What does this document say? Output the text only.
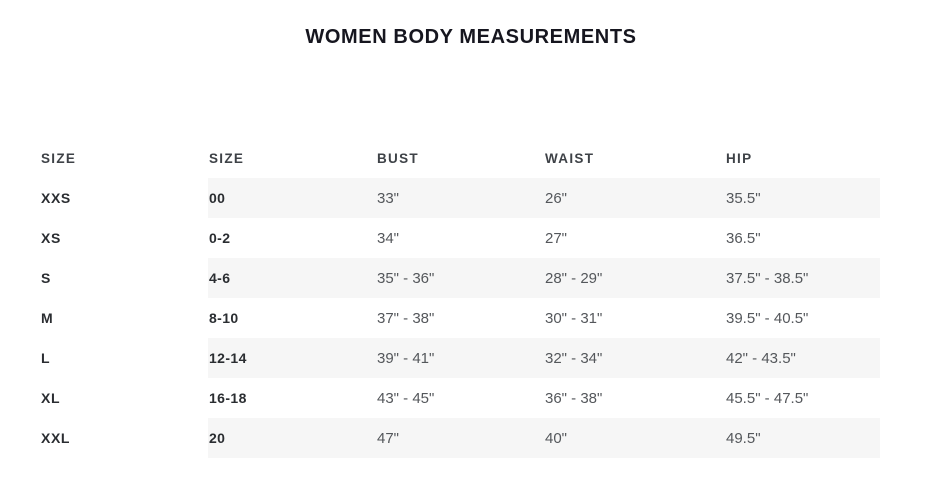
WOMEN BODY MEASUREMENTS
SIZE	SIZE	BUST	WAIST	HIP
XXS	00	33"	26"	35.5"
XS	0-2	34"	27"	36.5"
S	4-6	35" - 36"	28" - 29"	37.5" - 38.5"
M	8-10	37" - 38"	30" - 31"	39.5" - 40.5"
L	12-14	39" - 41"	32" - 34"	42" - 43.5"
XL	16-18	43" - 45"	36" - 38"	45.5" - 47.5"
XXL	20	47"	40"	49.5"
